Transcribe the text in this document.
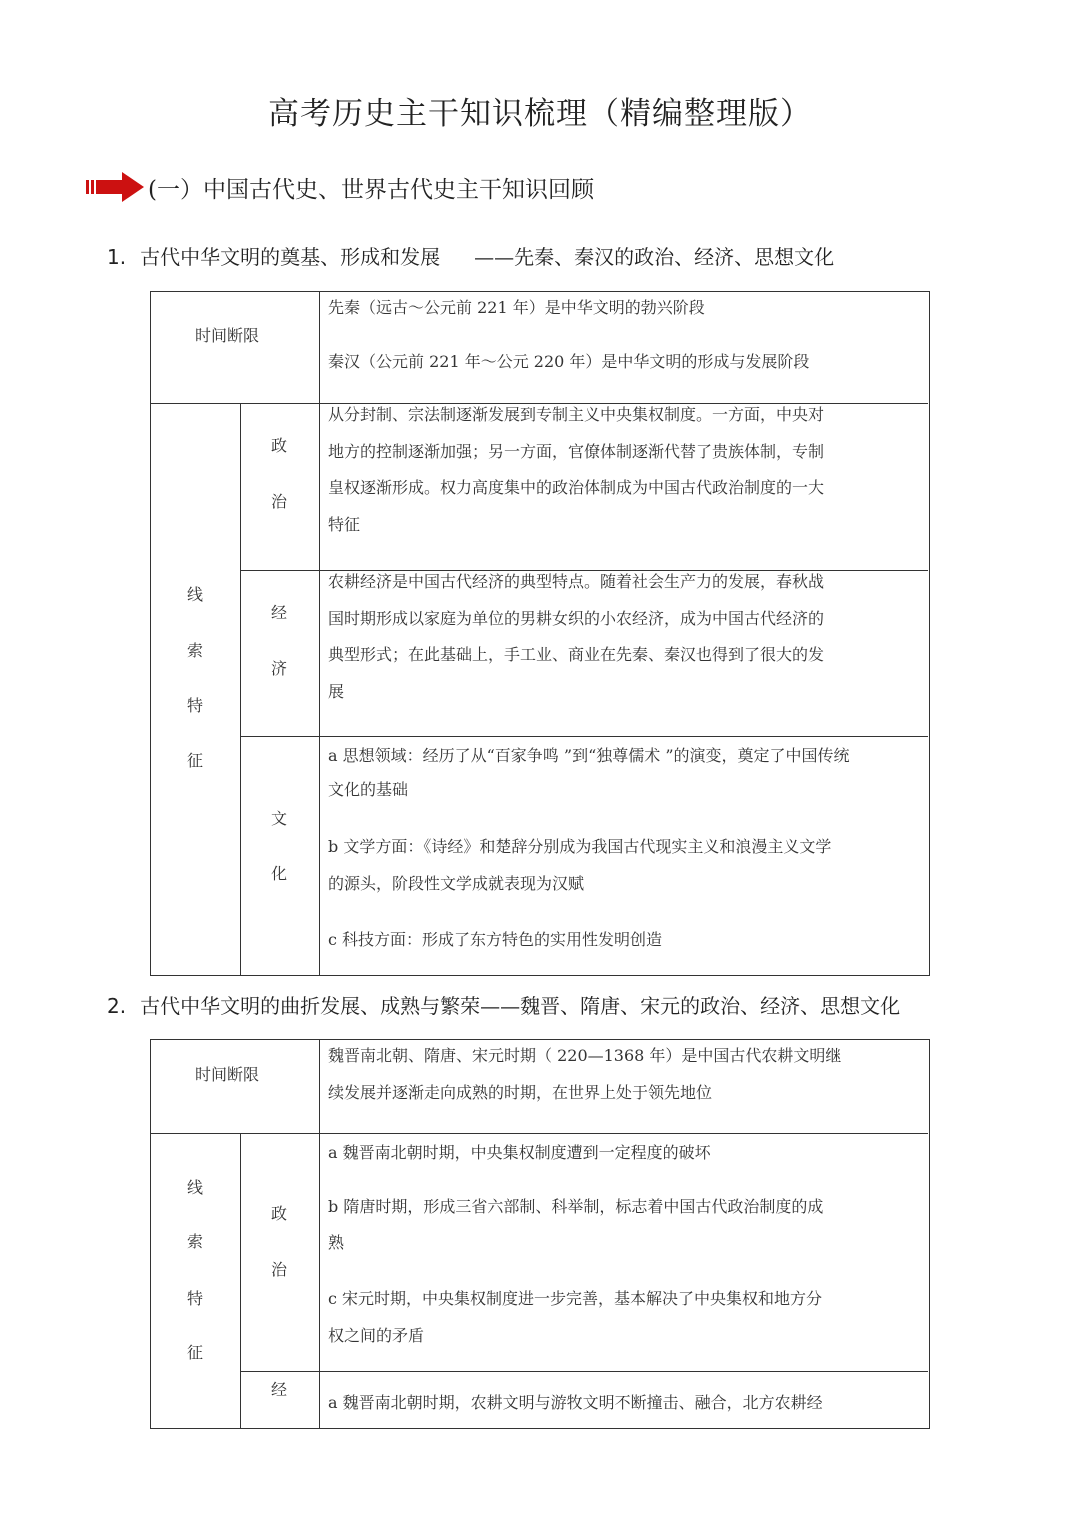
高考历史主干知识梳理（精编整理版）
(一）中国古代史、世界古代史主干知识回顾
1. 古代中华文明的奠基、形成和发展 ——先秦、秦汉的政治、经济、思想文化
时间断限
先秦（远古～公元前 221 年）是中华文明的勃兴阶段
秦汉（公元前 221 年～公元 220 年）是中华文明的形成与发展阶段
线
索
特
征
政
治
从分封制、宗法制逐渐发展到专制主义中央集权制度。一方面，中央对
地方的控制逐渐加强；另一方面，官僚体制逐渐代替了贵族体制，专制
皇权逐渐形成。权力高度集中的政治体制成为中国古代政治制度的一大
特征
经
济
农耕经济是中国古代经济的典型特点。随着社会生产力的发展，春秋战
国时期形成以家庭为单位的男耕女织的小农经济，成为中国古代经济的
典型形式；在此基础上，手工业、商业在先秦、秦汉也得到了很大的发
展
文
化
a 思想领域：经历了从“百家争鸣 ”到“独尊儒术 ”的演变，奠定了中国传统
文化的基础
b 文学方面：《诗经》和楚辞分别成为我国古代现实主义和浪漫主义文学
的源头，阶段性文学成就表现为汉赋
c 科技方面：形成了东方特色的实用性发明创造
2. 古代中华文明的曲折发展、成熟与繁荣——魏晋、隋唐、宋元的政治、经济、思想文化
时间断限
魏晋南北朝、隋唐、宋元时期（ 220—1368 年）是中国古代农耕文明继
续发展并逐渐走向成熟的时期，在世界上处于领先地位
线
索
特
征
政
治
a 魏晋南北朝时期，中央集权制度遭到一定程度的破坏
b 隋唐时期，形成三省六部制、科举制，标志着中国古代政治制度的成
熟
c 宋元时期，中央集权制度进一步完善，基本解决了中央集权和地方分
权之间的矛盾
经
a 魏晋南北朝时期，农耕文明与游牧文明不断撞击、融合，北方农耕经
